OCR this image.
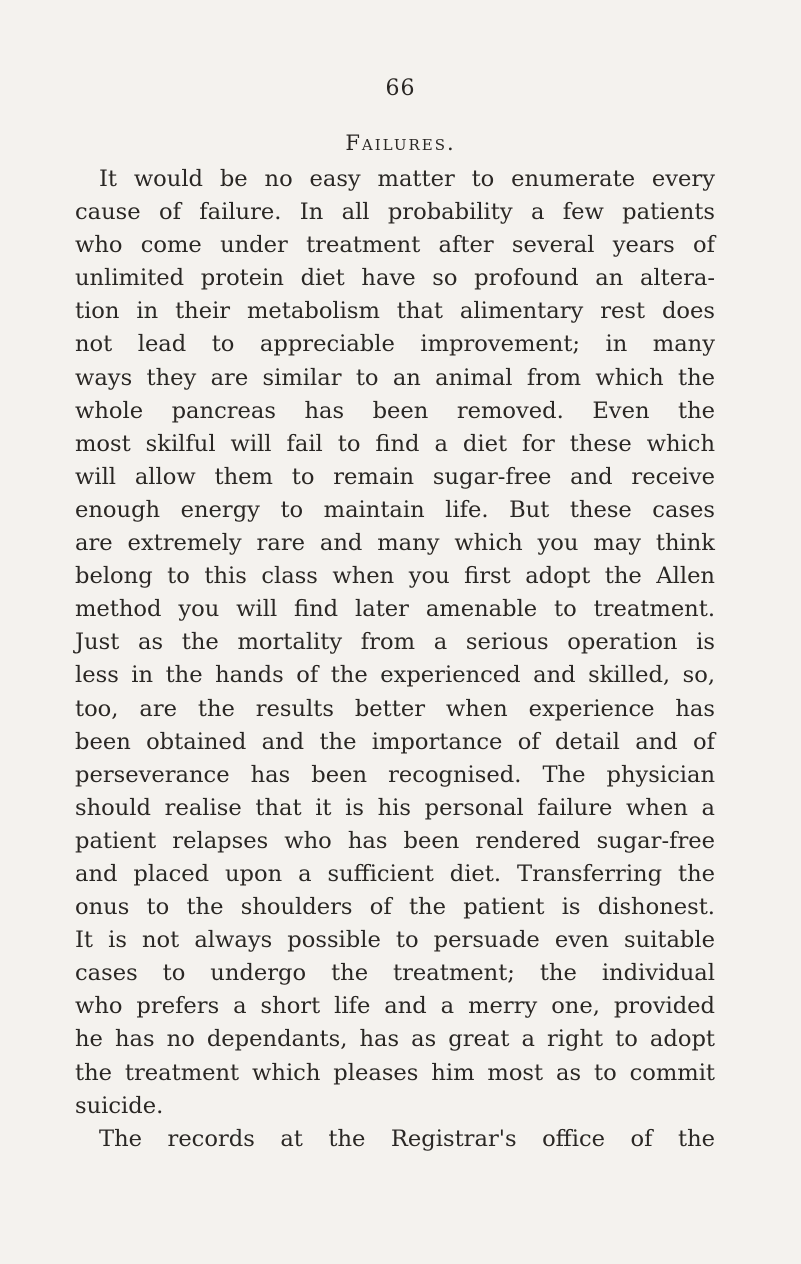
66
Failures.
It would be no easy matter to enumerate every
cause of failure. In all probability a few patients
who come under treatment after several years of
unlimited protein diet have so profound an altera-
tion in their metabolism that alimentary rest does
not lead to appreciable improvement; in many
ways they are similar to an animal from which the
whole pancreas has been removed. Even the
most skilful will fail to find a diet for these which
will allow them to remain sugar-free and receive
enough energy to maintain life. But these cases
are extremely rare and many which you may think
belong to this class when you first adopt the Allen
method you will find later amenable to treatment.
Just as the mortality from a serious operation is
less in the hands of the experienced and skilled, so,
too, are the results better when experience has
been obtained and the importance of detail and of
perseverance has been recognised. The physician
should realise that it is his personal failure when a
patient relapses who has been rendered sugar-free
and placed upon a sufficient diet. Transferring the
onus to the shoulders of the patient is dishonest.
It is not always possible to persuade even suitable
cases to undergo the treatment; the individual
who prefers a short life and a merry one, provided
he has no dependants, has as great a right to adopt
the treatment which pleases him most as to commit
suicide.
The records at the Registrar's office of the
